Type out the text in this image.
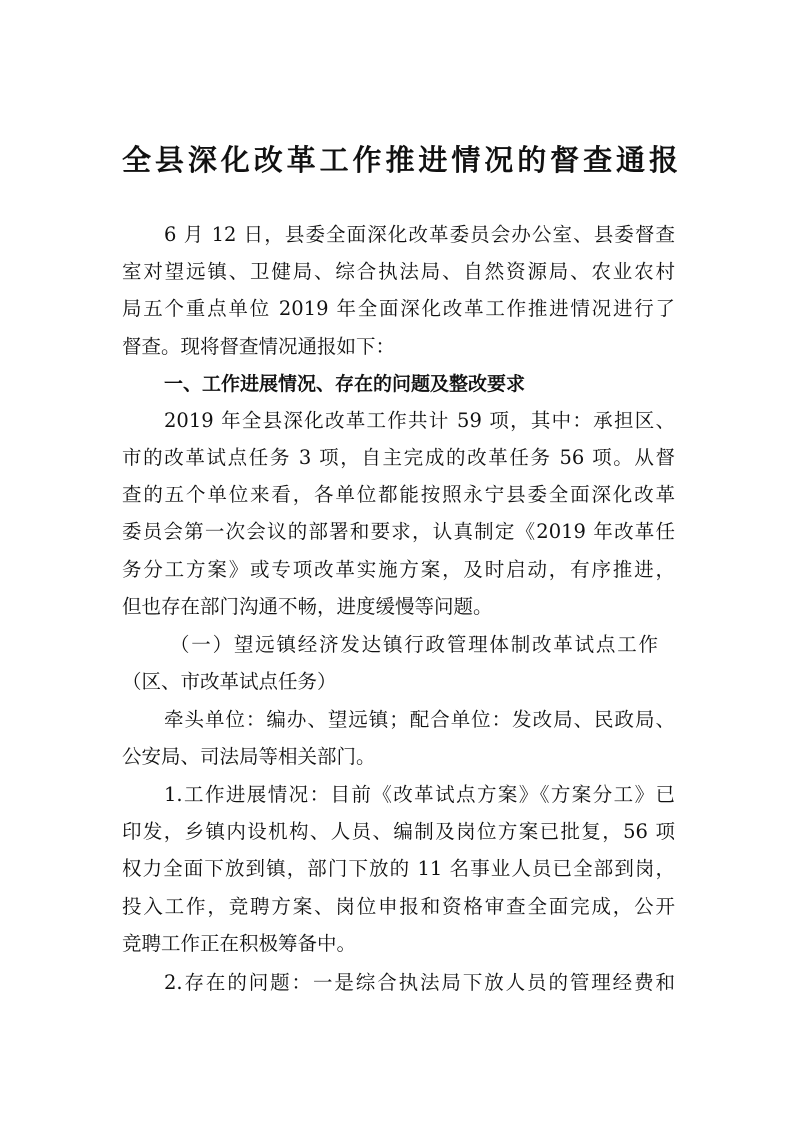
全县深化改革工作推进情况的督查通报
6 月 12 日，县委全面深化改革委员会办公室、县委督查
室对望远镇、卫健局、综合执法局、自然资源局、农业农村
局五个重点单位 2019 年全面深化改革工作推进情况进行了
督查。现将督查情况通报如下：
一、工作进展情况、存在的问题及整改要求
2019 年全县深化改革工作共计 59 项，其中：承担区、
市的改革试点任务 3 项，自主完成的改革任务 56 项。从督
查的五个单位来看，各单位都能按照永宁县委全面深化改革
委员会第一次会议的部署和要求，认真制定《2019 年改革任
务分工方案》或专项改革实施方案，及时启动，有序推进，
但也存在部门沟通不畅，进度缓慢等问题。
（一）望远镇经济发达镇行政管理体制改革试点工作
（区、市改革试点任务）
牵头单位：编办、望远镇；配合单位：发改局、民政局、
公安局、司法局等相关部门。
1.工作进展情况：目前《改革试点方案》《方案分工》已
印发，乡镇内设机构、人员、编制及岗位方案已批复，56 项
权力全面下放到镇，部门下放的 11 名事业人员已全部到岗，
投入工作，竞聘方案、岗位申报和资格审查全面完成，公开
竞聘工作正在积极筹备中。
2.存在的问题：一是综合执法局下放人员的管理经费和
